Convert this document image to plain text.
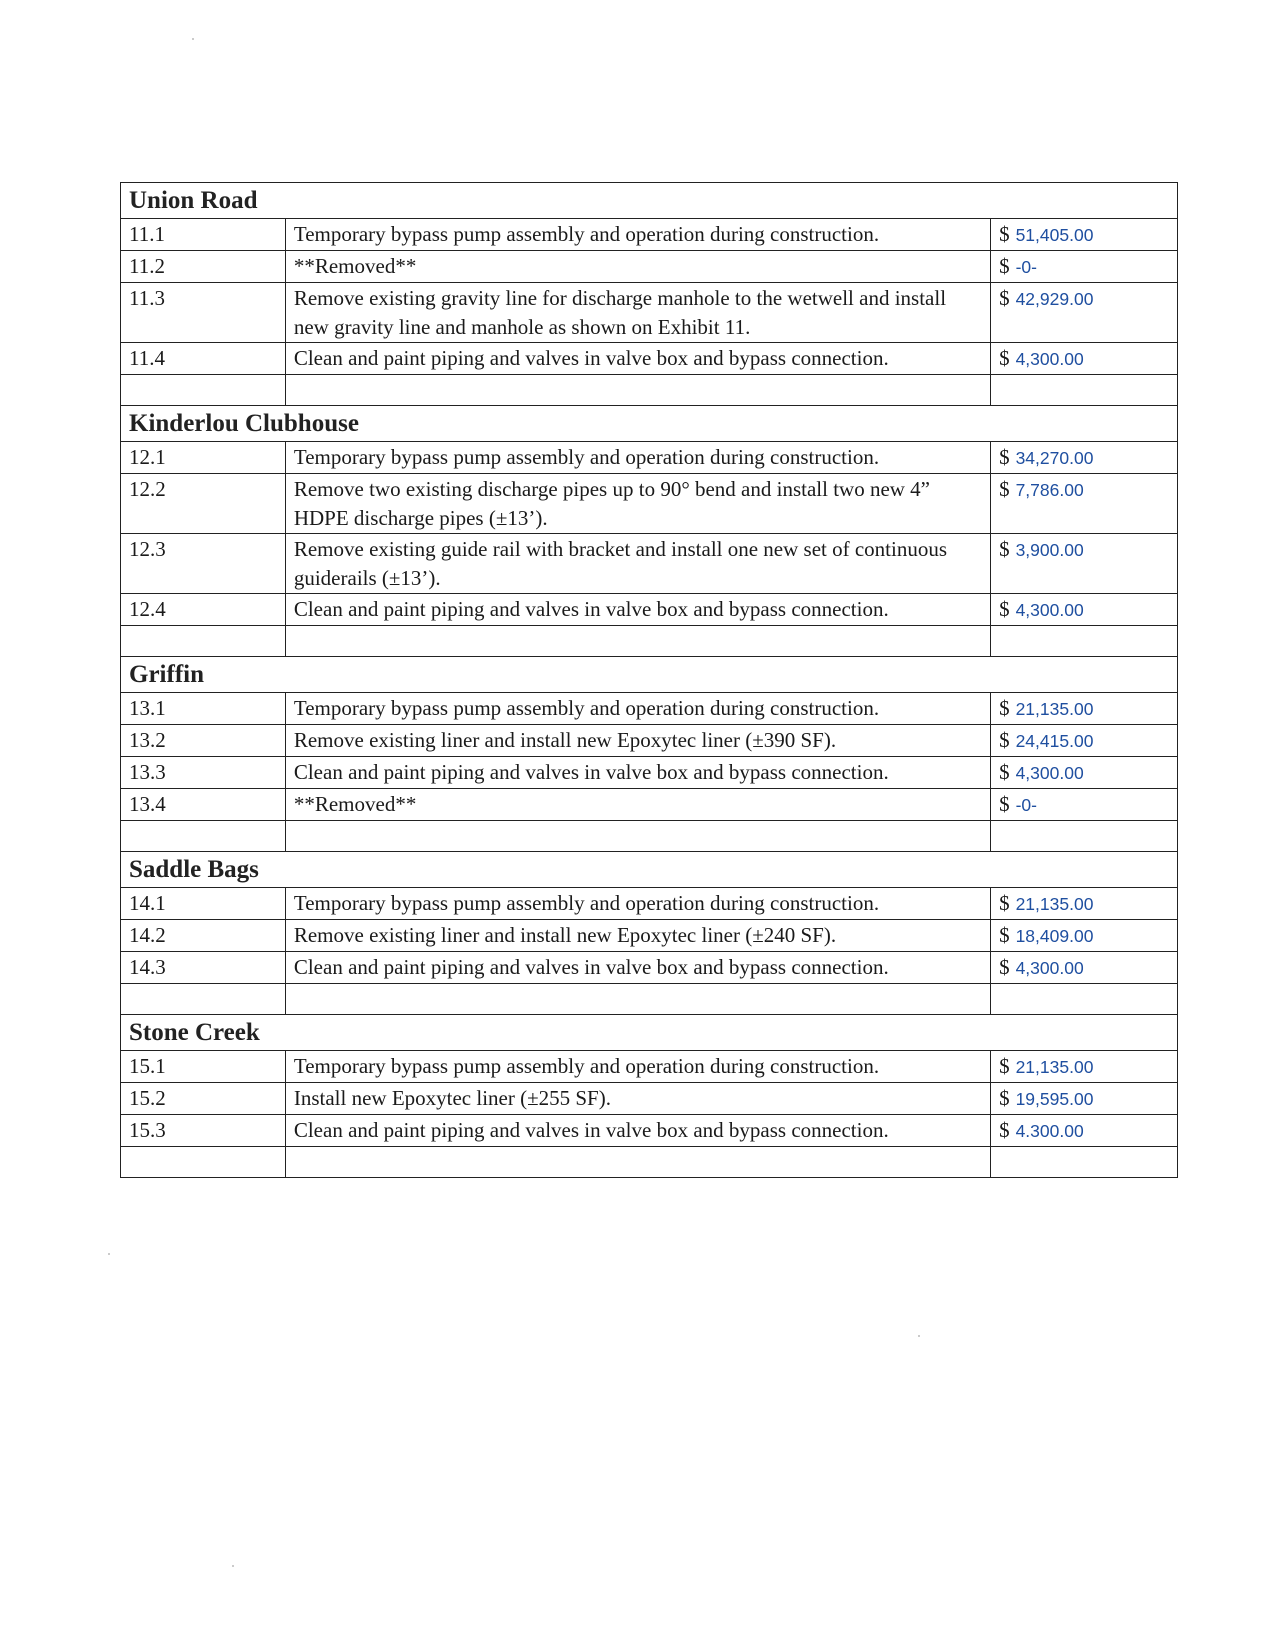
Union Road		
11.1	Temporary bypass pump assembly and operation during construction.	$ 51,405.00
11.2	**Removed**	$ -0-
11.3	Remove existing gravity line for discharge manhole to the wetwell and install new gravity line and manhole as shown on Exhibit 11.	$ 42,929.00
11.4	Clean and paint piping and valves in valve box and bypass connection.	$ 4,300.00

Kinderlou Clubhouse		
12.1	Temporary bypass pump assembly and operation during construction.	$ 34,270.00
12.2	Remove two existing discharge pipes up to 90° bend and install two new 4” HDPE discharge pipes (±13’).	$ 7,786.00
12.3	Remove existing guide rail with bracket and install one new set of continuous guiderails (±13’).	$ 3,900.00
12.4	Clean and paint piping and valves in valve box and bypass connection.	$ 4,300.00

Griffin		
13.1	Temporary bypass pump assembly and operation during construction.	$ 21,135.00
13.2	Remove existing liner and install new Epoxytec liner (±390 SF).	$ 24,415.00
13.3	Clean and paint piping and valves in valve box and bypass connection.	$ 4,300.00
13.4	**Removed**	$ -0-

Saddle Bags		
14.1	Temporary bypass pump assembly and operation during construction.	$ 21,135.00
14.2	Remove existing liner and install new Epoxytec liner (±240 SF).	$ 18,409.00
14.3	Clean and paint piping and valves in valve box and bypass connection.	$ 4,300.00

Stone Creek		
15.1	Temporary bypass pump assembly and operation during construction.	$ 21,135.00
15.2	Install new Epoxytec liner (±255 SF).	$ 19,595.00
15.3	Clean and paint piping and valves in valve box and bypass connection.	$ 4.300.00
